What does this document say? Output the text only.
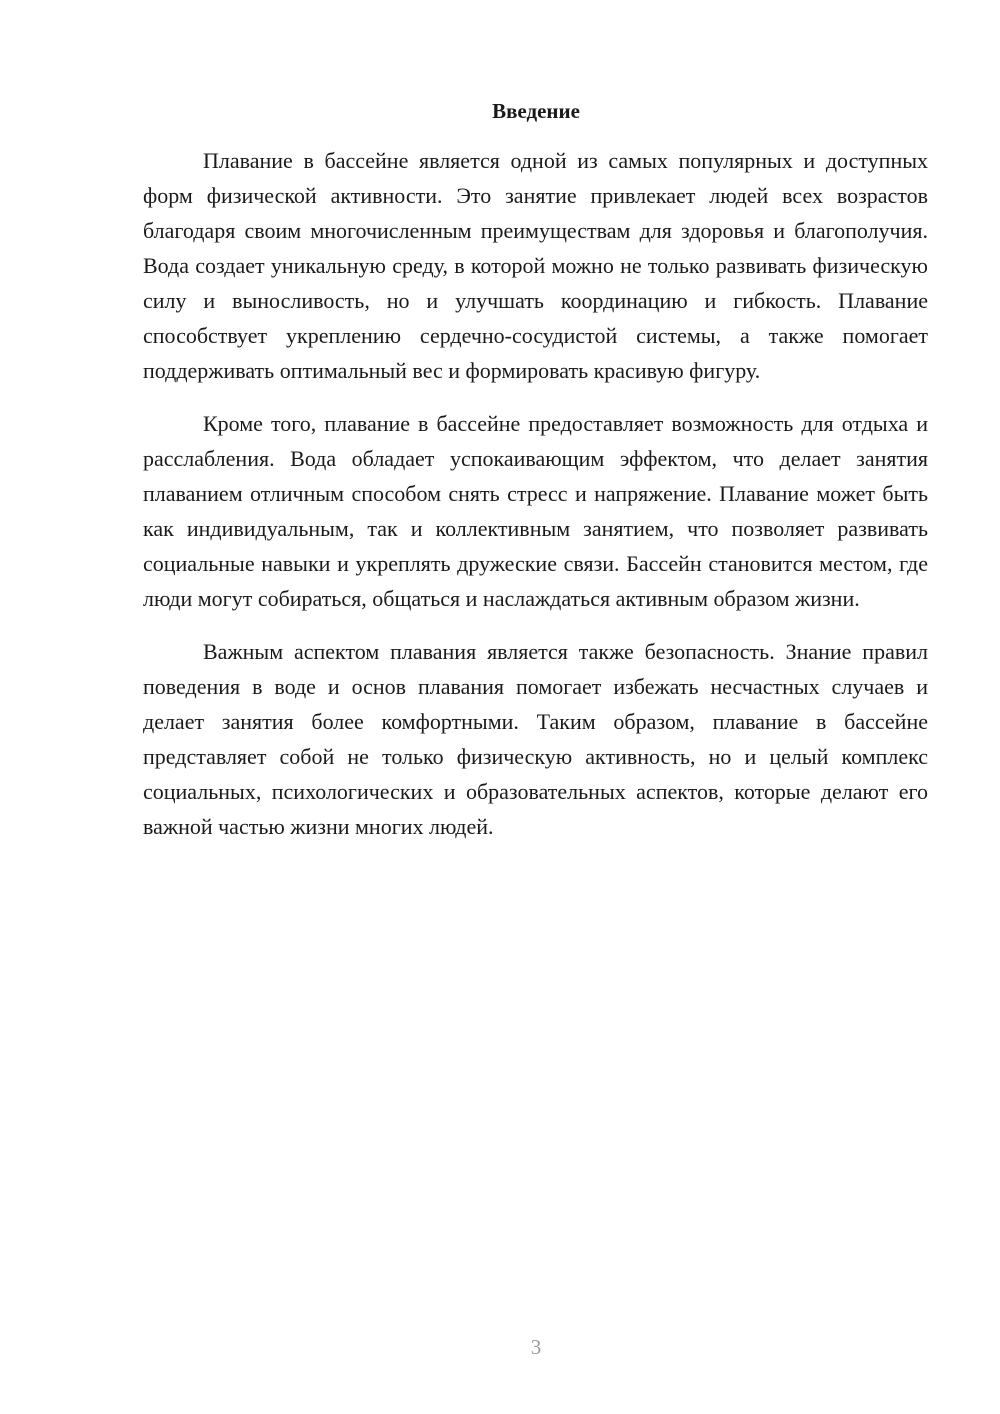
Введение

Плавание в бассейне является одной из самых популярных и доступных форм физической активности. Это занятие привлекает людей всех возрастов благодаря своим многочисленным преимуществам для здоровья и благополучия. Вода создает уникальную среду, в которой можно не только развивать физическую силу и выносливость, но и улучшать координацию и гибкость. Плавание способствует укреплению сердечно-сосудистой системы, а также помогает поддерживать оптимальный вес и формировать красивую фигуру.

Кроме того, плавание в бассейне предоставляет возможность для отдыха и расслабления. Вода обладает успокаивающим эффектом, что делает занятия плаванием отличным способом снять стресс и напряжение. Плавание может быть как индивидуальным, так и коллективным занятием, что позволяет развивать социальные навыки и укреплять дружеские связи. Бассейн становится местом, где люди могут собираться, общаться и наслаждаться активным образом жизни.

Важным аспектом плавания является также безопасность. Знание правил поведения в воде и основ плавания помогает избежать несчастных случаев и делает занятия более комфортными. Таким образом, плавание в бассейне представляет собой не только физическую активность, но и целый комплекс социальных, психологических и образовательных аспектов, которые делают его важной частью жизни многих людей.

3
